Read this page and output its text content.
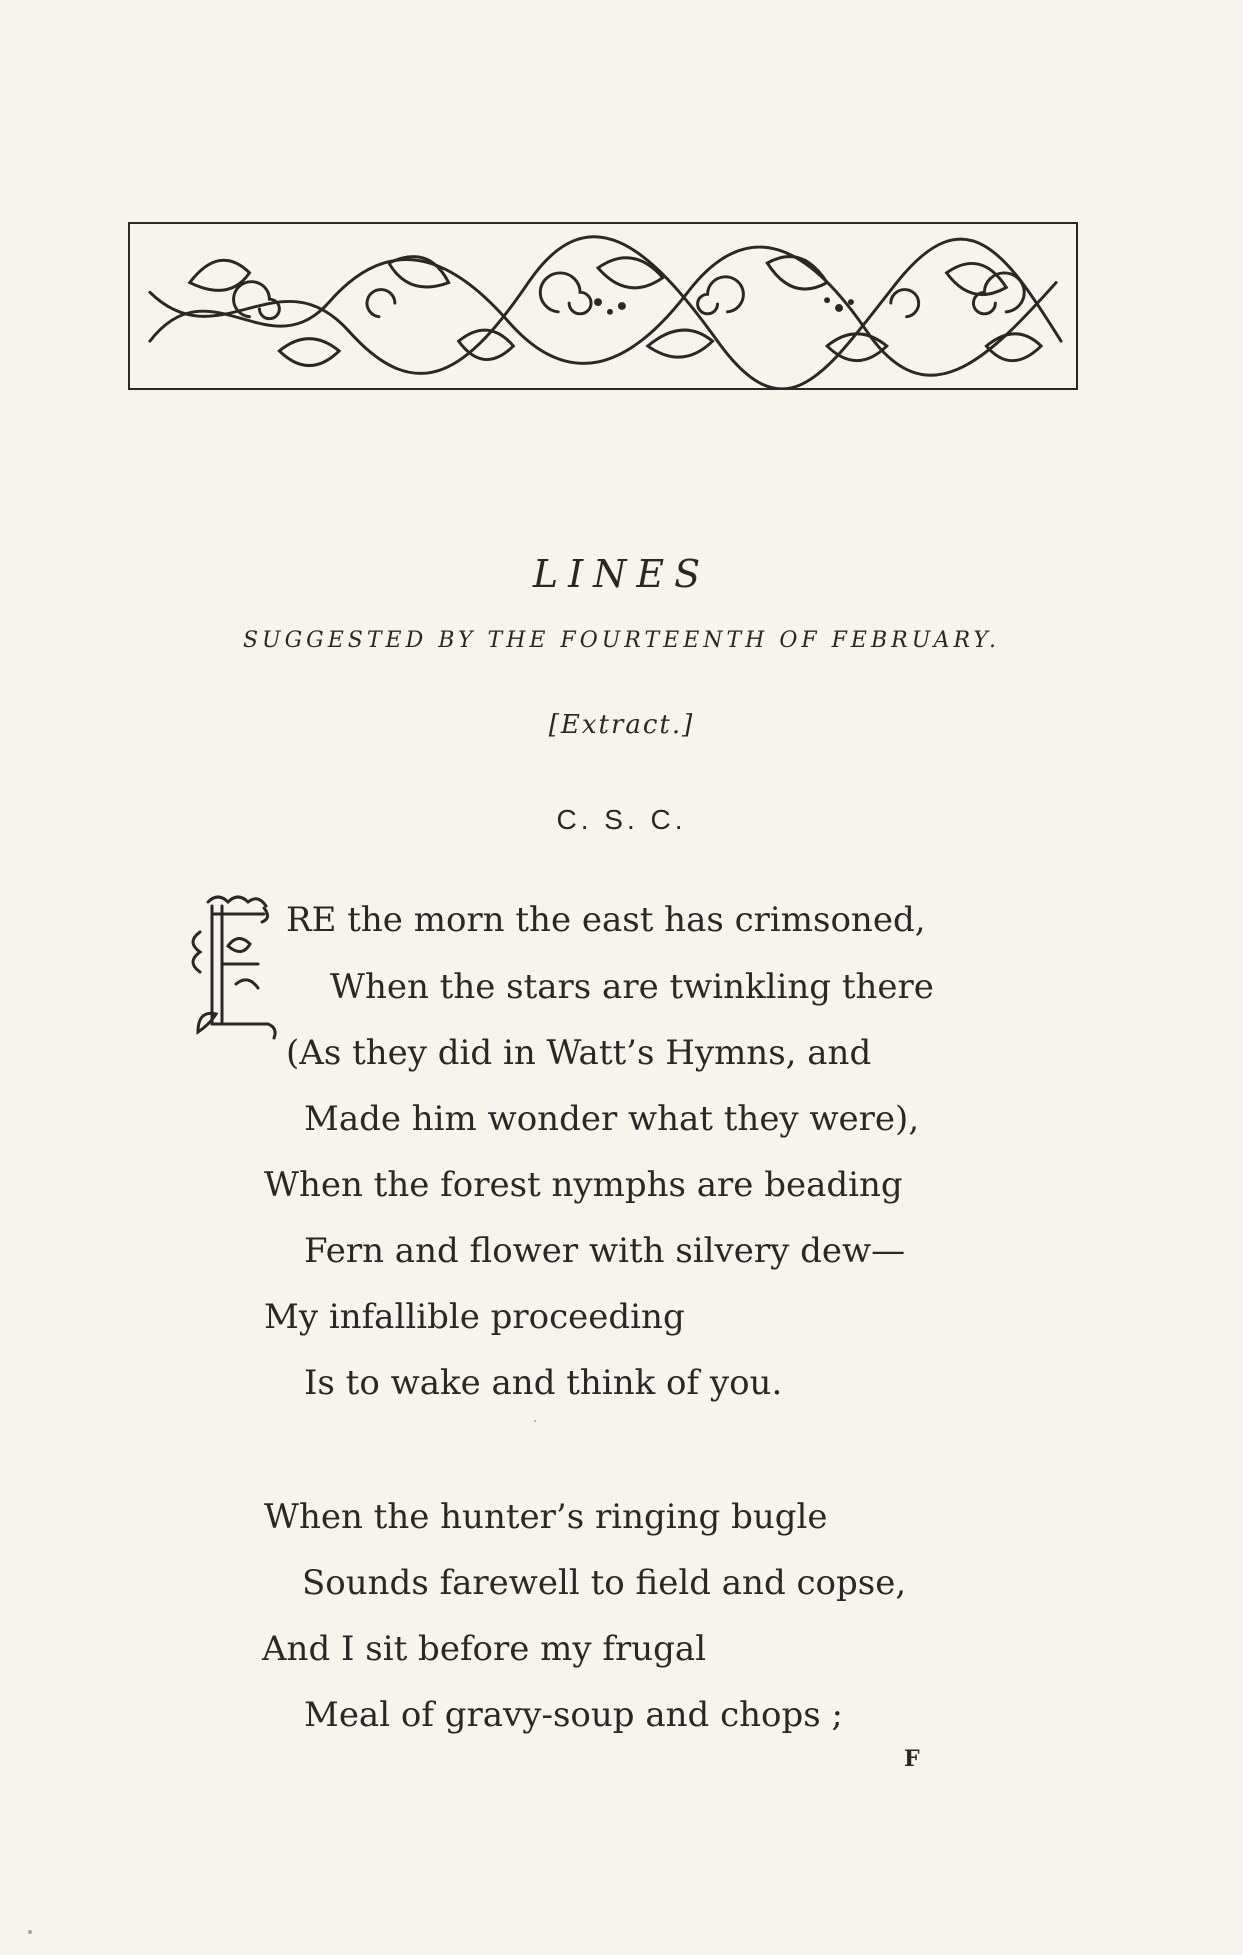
LINES
SUGGESTED BY THE FOURTEENTH OF FEBRUARY.
[Extract.]
C. S. C.
RE the morn the east has crimsoned,
When the stars are twinkling there
(As they did in Watt’s Hymns, and
Made him wonder what they were),
When the forest nymphs are beading
Fern and flower with silvery dew—
My infallible proceeding
Is to wake and think of you.
When the hunter’s ringing bugle
Sounds farewell to field and copse,
And I sit before my frugal
Meal of gravy-soup and chops ;
F
